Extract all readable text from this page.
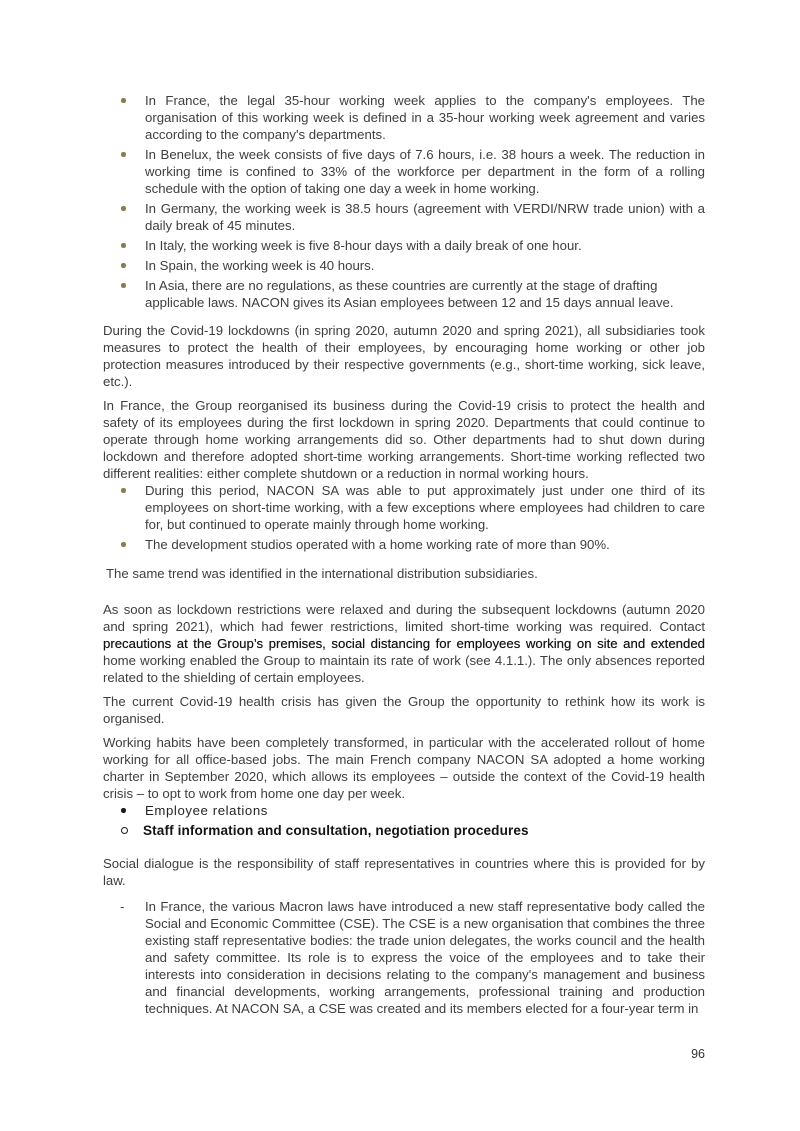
In France, the legal 35-hour working week applies to the company's employees. The organisation of this working week is defined in a 35-hour working week agreement and varies according to the company's departments.
In Benelux, the week consists of five days of 7.6 hours, i.e. 38 hours a week. The reduction in working time is confined to 33% of the workforce per department in the form of a rolling schedule with the option of taking one day a week in home working.
In Germany, the working week is 38.5 hours (agreement with VERDI/NRW trade union) with a daily break of 45 minutes.
In Italy, the working week is five 8-hour days with a daily break of one hour.
In Spain, the working week is 40 hours.
In Asia, there are no regulations, as these countries are currently at the stage of drafting applicable laws. NACON gives its Asian employees between 12 and 15 days annual leave.

During the Covid-19 lockdowns (in spring 2020, autumn 2020 and spring 2021), all subsidiaries took measures to protect the health of their employees, by encouraging home working or other job protection measures introduced by their respective governments (e.g., short-time working, sick leave, etc.).

In France, the Group reorganised its business during the Covid-19 crisis to protect the health and safety of its employees during the first lockdown in spring 2020. Departments that could continue to operate through home working arrangements did so. Other departments had to shut down during lockdown and therefore adopted short-time working arrangements. Short-time working reflected two different realities: either complete shutdown or a reduction in normal working hours.

During this period, NACON SA was able to put approximately just under one third of its employees on short-time working, with a few exceptions where employees had children to care for, but continued to operate mainly through home working.
The development studios operated with a home working rate of more than 90%.

The same trend was identified in the international distribution subsidiaries.

As soon as lockdown restrictions were relaxed and during the subsequent lockdowns (autumn 2020 and spring 2021), which had fewer restrictions, limited short-time working was required. Contact precautions at the Group’s premises, social distancing for employees working on site and extended home working enabled the Group to maintain its rate of work (see 4.1.1.). The only absences reported related to the shielding of certain employees.

The current Covid-19 health crisis has given the Group the opportunity to rethink how its work is organised.

Working habits have been completely transformed, in particular with the accelerated rollout of home working for all office-based jobs. The main French company NACON SA adopted a home working charter in September 2020, which allows its employees – outside the context of the Covid-19 health crisis – to opt to work from home one day per week.

Employee relations
Staff information and consultation, negotiation procedures

Social dialogue is the responsibility of staff representatives in countries where this is provided for by law.

- In France, the various Macron laws have introduced a new staff representative body called the Social and Economic Committee (CSE). The CSE is a new organisation that combines the three existing staff representative bodies: the trade union delegates, the works council and the health and safety committee. Its role is to express the voice of the employees and to take their interests into consideration in decisions relating to the company's management and business and financial developments, working arrangements, professional training and production techniques. At NACON SA, a CSE was created and its members elected for a four-year term in
96
